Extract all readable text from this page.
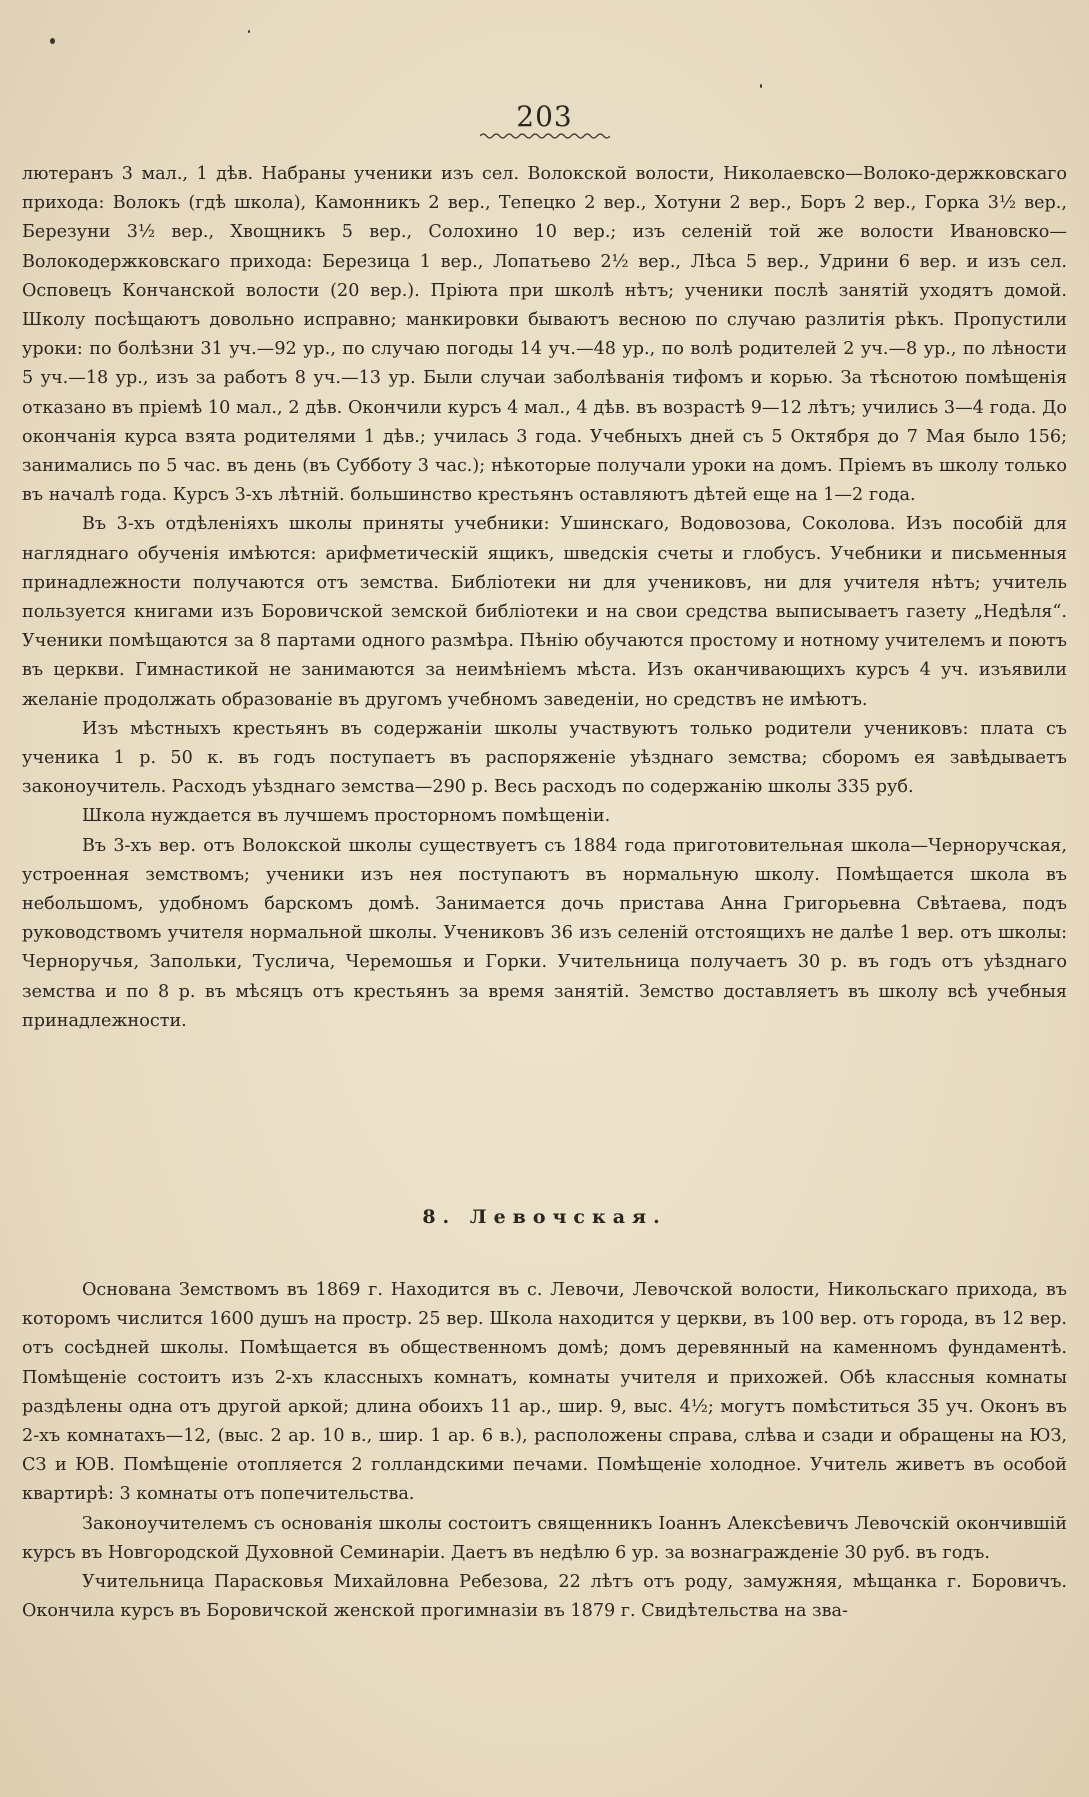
203

лютеранъ 3 мал., 1 дѣв. Набраны ученики изъ сел. Волокской волости, Николаевско—Волоко-держковскаго прихода: Волокъ (гдѣ школа), Камонникъ 2 вер., Тепецко 2 вер., Хотуни 2 вер., Боръ 2 вер., Горка 3½ вер., Березуни 3½ вер., Хвощникъ 5 вер., Солохино 10 вер.; изъ селеній той же волости Ивановско—Волокодержковскаго прихода: Березица 1 вер., Лопатьево 2½ вер., Лѣса 5 вер., Удрини 6 вер. и изъ сел. Осповецъ Кончанской волости (20 вер.). Прiюта при школѣ нѣтъ; ученики послѣ занятiй уходятъ домой. Школу посѣщаютъ довольно исправно; манкировки бываютъ весною по случаю разлитiя рѣкъ. Пропустили уроки: по болѣзни 31 уч.—92 ур., по случаю погоды 14 уч.—48 ур., по волѣ родителей 2 уч.—8 ур., по лѣности 5 уч.—18 ур., изъ за работъ 8 уч.—13 ур. Были случаи заболѣванiя тифомъ и корью. За тѣснотою помѣщенiя отказано въ прiемѣ 10 мал., 2 дѣв. Окончили курсъ 4 мал., 4 дѣв. въ возрастѣ 9—12 лѣтъ; учились 3—4 года. До окончанiя курса взята родителями 1 дѣв.; училась 3 года. Учебныхъ дней съ 5 Октября до 7 Мая было 156; занимались по 5 час. въ день (въ Субботу 3 час.); нѣкоторые получали уроки на домъ. Прiемъ въ школу только въ началѣ года. Курсъ 3-хъ лѣтнiй. большинство крестьянъ оставляютъ дѣтей еще на 1—2 года.

Въ 3-хъ отдѣленiяхъ школы приняты учебники: Ушинскаго, Водовозова, Соколова. Изъ пособiй для нагляднаго обученiя имѣются: арифметическiй ящикъ, шведскiя счеты и глобусъ. Учебники и письменныя принадлежности получаются отъ земства. Библiотеки ни для учениковъ, ни для учителя нѣтъ; учитель пользуется книгами изъ Боровичской земской библiотеки и на свои средства выписываетъ газету „Недѣля“. Ученики помѣщаются за 8 партами одного размѣра. Пѣнiю обучаются простому и нотному учителемъ и поютъ въ церкви. Гимнастикой не занимаются за неимѣнiемъ мѣста. Изъ оканчивающихъ курсъ 4 уч. изъявили желанiе продолжать образованiе въ другомъ учебномъ заведенiи, но средствъ не имѣютъ.

Изъ мѣстныхъ крестьянъ въ содержанiи школы участвуютъ только родители учениковъ: плата съ ученика 1 р. 50 к. въ годъ поступаетъ въ распоряженiе уѣзднаго земства; сборомъ ея завѣдываетъ законоучитель. Расходъ уѣзднаго земства—290 р. Весь расходъ по содержанiю школы 335 руб.

Школа нуждается въ лучшемъ просторномъ помѣщенiи.

Въ 3-хъ вер. отъ Волокской школы существуетъ съ 1884 года приготовительная школа—Черноручская, устроенная земствомъ; ученики изъ нея поступаютъ въ нормальную школу. Помѣщается школа въ небольшомъ, удобномъ барскомъ домѣ. Занимается дочь пристава Анна Григорьевна Свѣтаева, подъ руководствомъ учителя нормальной школы. Учениковъ 36 изъ селенiй отстоящихъ не далѣе 1 вер. отъ школы: Черноручья, Запольки, Туслича, Черемошья и Горки. Учительница получаетъ 30 р. въ годъ отъ уѣзднаго земства и по 8 р. въ мѣсяцъ отъ крестьянъ за время занятiй. Земство доставляетъ въ школу всѣ учебныя принадлежности.

8. Левочская.

Основана Земствомъ въ 1869 г. Находится въ с. Левочи, Левочской волости, Никольскаго прихода, въ которомъ числится 1600 душъ на простр. 25 вер. Школа находится у церкви, въ 100 вер. отъ города, въ 12 вер. отъ сосѣдней школы. Помѣщается въ общественномъ домѣ; домъ деревянный на каменномъ фундаментѣ. Помѣщенiе состоитъ изъ 2-хъ классныхъ комнатъ, комнаты учителя и прихожей. Обѣ классныя комнаты раздѣлены одна отъ другой аркой; длина обоихъ 11 ар., шир. 9, выс. 4½; могутъ помѣститься 35 уч. Оконъ въ 2-хъ комнатахъ—12, (выс. 2 ар. 10 в., шир. 1 ар. 6 в.), расположены справа, слѣва и сзади и обращены на ЮЗ, СЗ и ЮВ. Помѣщенiе отопляется 2 голландскими печами. Помѣщенiе холодное. Учитель живетъ въ особой квартирѣ: 3 комнаты отъ попечительства.

Законоучителемъ съ основанiя школы состоитъ священникъ Iоаннъ Алексѣевичъ Левочскiй окончившiй курсъ въ Новгородской Духовной Семинарiи. Даетъ въ недѣлю 6 ур. за вознагражденiе 30 руб. въ годъ.

Учительница Парасковья Михайловна Ребезова, 22 лѣтъ отъ роду, замужняя, мѣщанка г. Боровичъ. Окончила курсъ въ Боровичской женской прогимназiи въ 1879 г. Свидѣтельства на зва-
